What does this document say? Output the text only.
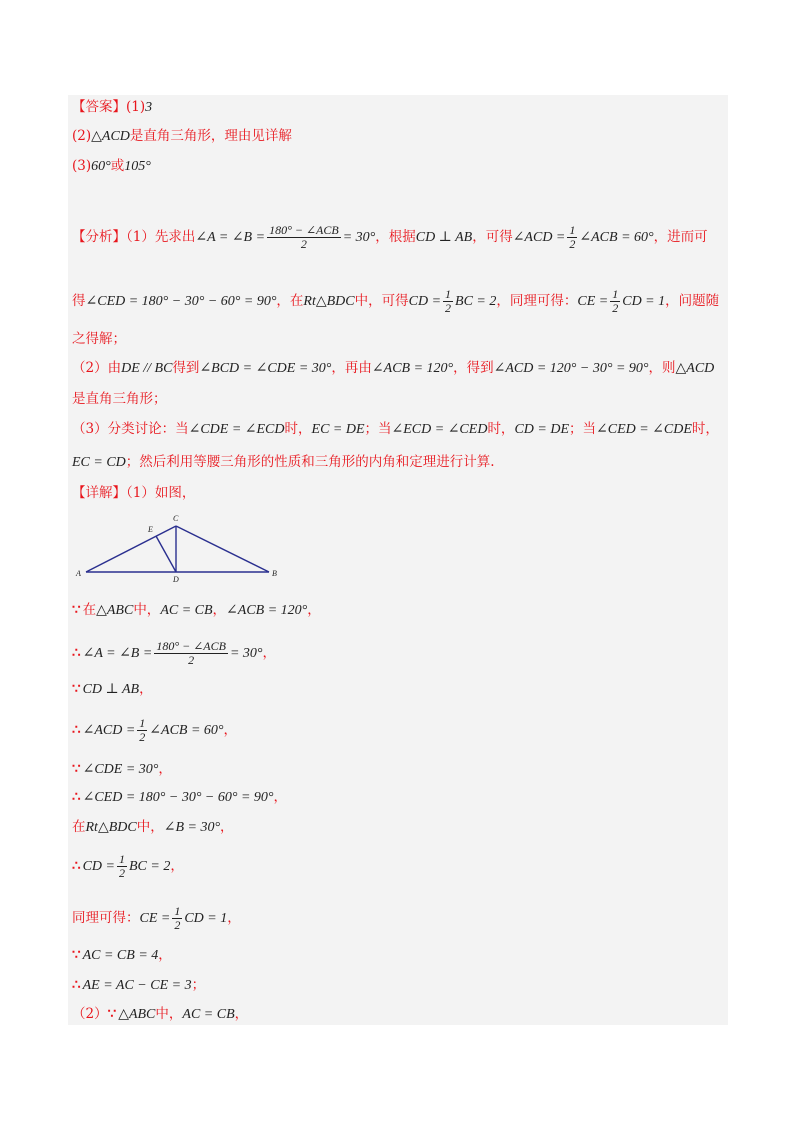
【答案】(1)3
(2)△ACD是直角三角形，理由见详解
(3)60°或105°
【分析】（1）先求出∠A = ∠B = $\frac{\text{180° − ∠ACB}}{2} = 30^\circ$，根据CD ⊥ AB，可得∠ACD = $\frac{1}{2}$ ∠ACB = 60°，进而可
得∠CED = 180° − 30° − 60° = 90°，在Rt△BDC中，可得CD = $\frac{1}{2}$ BC = 2，同理可得：CE = $\frac{1}{2}$ CD = 1，问题随
之得解；
（2）由DE // BC得到∠BCD = ∠CDE = 30°，再由∠ACB = 120°，得到∠ACD = 120° − 30° = 90°，则△ACD
是直角三角形；
（3）分类讨论：当∠CDE = ∠ECD时，EC = DE；当∠ECD = ∠CED时，CD = DE；当∠CED = ∠CDE时，
EC = CD；然后利用等腰三角形的性质和三角形的内角和定理进行计算.
【详解】（1）如图，
A	B
C
D
E
∵ 在△ABC中，AC = CB，∠ACB = 120°，
∴ ∠A = ∠B = $\frac{\text{180° − ∠ACB}}{2} = 30^\circ$，
∵ CD ⊥ AB，
∴ ∠ACD = $\frac{1}{2}$ ∠ACB = 60°，
∵ ∠CDE = 30°，
∴ ∠CED = 180° − 30° − 60° = 90°，
在Rt△BDC中，∠B = 30°，
∴ CD = $\frac{1}{2}$ BC = 2，
同理可得：CE = $\frac{1}{2}$ CD = 1，
∵ AC = CB = 4，
∴ AE = AC − CE = 3；
（2）∵ △ABC中，AC = CB，
